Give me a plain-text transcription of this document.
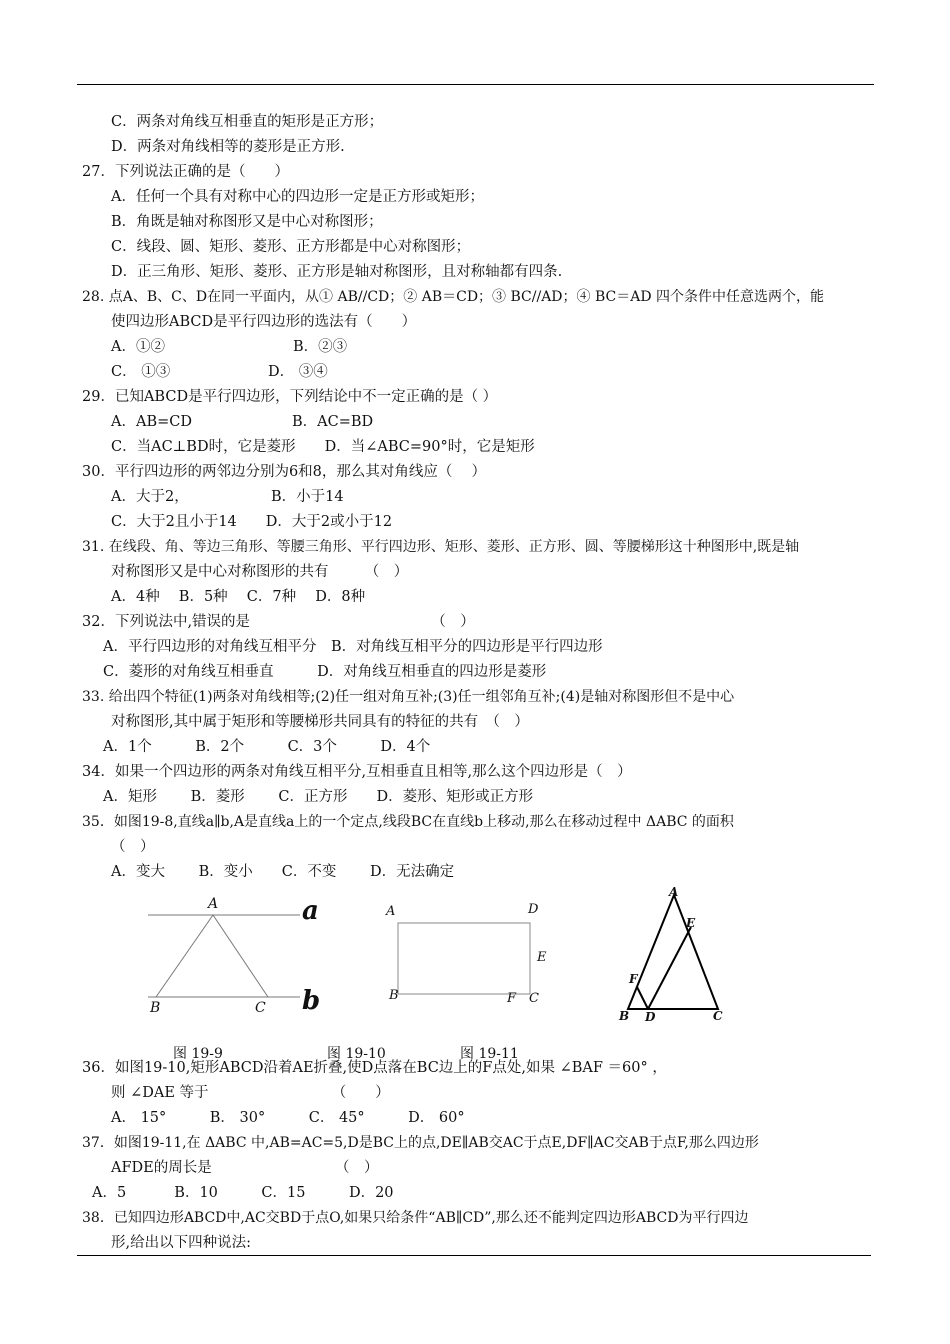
C．两条对角线互相垂直的矩形是正方形；
D．两条对角线相等的菱形是正方形.
27．下列说法正确的是（　　）
A．任何一个具有对称中心的四边形一定是正方形或矩形；
B．角既是轴对称图形又是中心对称图形；
C．线段、圆、矩形、菱形、正方形都是中心对称图形；
D．正三角形、矩形、菱形、正方形是轴对称图形，且对称轴都有四条.
28. 点A、B、C、D在同一平面内，从① AB//CD；② AB＝CD；③ BC//AD；④ BC＝AD 四个条件中任意选两个，能
使四边形ABCD是平行四边形的选法有（　　）
A．①②	B．②③
C． ①③	D． ③④
29．已知ABCD是平行四边形，下列结论中不一定正确的是（ ）
A．AB=CD	B．AC=BD
C．当AC⊥BD时，它是菱形　　D．当∠ABC=90°时，它是矩形
30．平行四边形的两邻边分别为6和8，那么其对角线应（　 ）
A．大于2，	B．小于14
C．大于2且小于14　　D．大于2或小于12
31. 在线段、角、等边三角形、等腰三角形、平行四边形、矩形、菱形、正方形、圆、等腰梯形这十种图形中,既是轴
对称图形又是中心对称图形的共有　　　（　）
A．4种　 B．5种　 C．7种　 D．8种
32．下列说法中,错误的是　　　　　　　　　　　　　（　）
A．平行四边形的对角线互相平分　B．对角线互相平分的四边形是平行四边形
C．菱形的对角线互相垂直　　　D．对角线互相垂直的四边形是菱形
33. 给出四个特征(1)两条对角线相等;(2)任一组对角互补;(3)任一组邻角互补;(4)是轴对称图形但不是中心
对称图形,其中属于矩形和等腰梯形共同具有的特征的共有　（　）
A．1个　　　B．2个　　　C．3个　　　D．4个
34．如果一个四边形的两条对角线互相平分,互相垂直且相等,那么这个四边形是（　）
A．矩形　　 B．菱形　　 C．正方形　　D．菱形、矩形或正方形
35．如图19-8,直线a∥b,A是直线a上的一个定点,线段BC在直线b上移动,那么在移动过程中 ΔABC 的面积
（　）
A．变大　　 B．变小　　C．不变　　 D．无法确定
A	a
B	C b
图 19-9
A	D
E
B	F C
图 19-10
A
E
F
B D	C
图 19-11
36．如图19-10,矩形ABCD沿着AE折叠,使D点落在BC边上的F点处,如果 ∠BAF ＝60° ，
则 ∠DAE 等于　　　　　　　　　（　　）
A． 15°　　　B． 30°　　　C． 45°　　　D． 60°
37．如图19-11,在 ΔABC 中,AB=AC=5,D是BC上的点,DE∥AB交AC于点E,DF∥AC交AB于点F,那么四边形
AFDE的周长是　　　　　　　　　（　）
A．5　　　 B．10　　　C．15　　　D．20
38．已知四边形ABCD中,AC交BD于点O,如果只给条件“AB∥CD”,那么还不能判定四边形ABCD为平行四边
形,给出以下四种说法:
